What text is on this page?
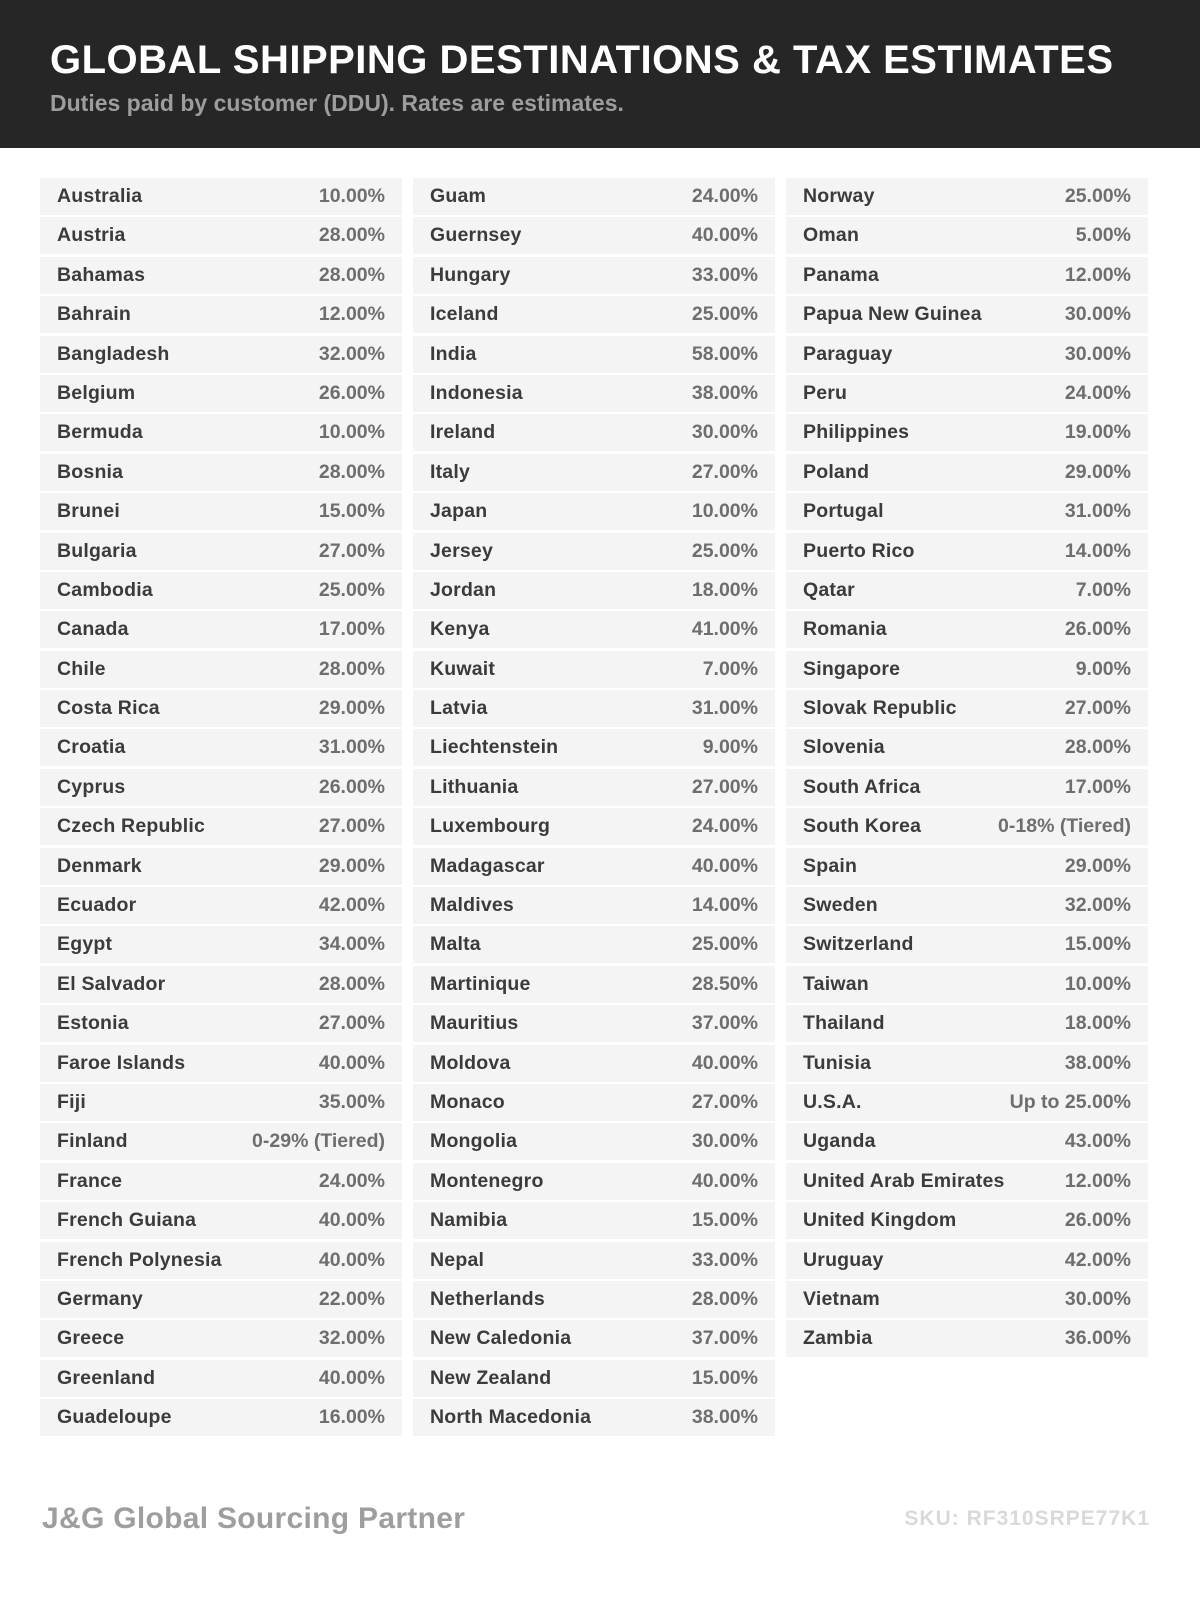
GLOBAL SHIPPING DESTINATIONS & TAX ESTIMATES

Duties paid by customer (DDU). Rates are estimates.

Australia	10.00%
Austria	28.00%
Bahamas	28.00%
Bahrain	12.00%
Bangladesh	32.00%
Belgium	26.00%
Bermuda	10.00%
Bosnia	28.00%
Brunei	15.00%
Bulgaria	27.00%
Cambodia	25.00%
Canada	17.00%
Chile	28.00%
Costa Rica	29.00%
Croatia	31.00%
Cyprus	26.00%
Czech Republic	27.00%
Denmark	29.00%
Ecuador	42.00%
Egypt	34.00%
El Salvador	28.00%
Estonia	27.00%
Faroe Islands	40.00%
Fiji	35.00%
Finland	0-29% (Tiered)
France	24.00%
French Guiana	40.00%
French Polynesia	40.00%
Germany	22.00%
Greece	32.00%
Greenland	40.00%
Guadeloupe	16.00%
Guam	24.00%
Guernsey	40.00%
Hungary	33.00%
Iceland	25.00%
India	58.00%
Indonesia	38.00%
Ireland	30.00%
Italy	27.00%
Japan	10.00%
Jersey	25.00%
Jordan	18.00%
Kenya	41.00%
Kuwait	7.00%
Latvia	31.00%
Liechtenstein	9.00%
Lithuania	27.00%
Luxembourg	24.00%
Madagascar	40.00%
Maldives	14.00%
Malta	25.00%
Martinique	28.50%
Mauritius	37.00%
Moldova	40.00%
Monaco	27.00%
Mongolia	30.00%
Montenegro	40.00%
Namibia	15.00%
Nepal	33.00%
Netherlands	28.00%
New Caledonia	37.00%
New Zealand	15.00%
North Macedonia	38.00%
Norway	25.00%
Oman	5.00%
Panama	12.00%
Papua New Guinea	30.00%
Paraguay	30.00%
Peru	24.00%
Philippines	19.00%
Poland	29.00%
Portugal	31.00%
Puerto Rico	14.00%
Qatar	7.00%
Romania	26.00%
Singapore	9.00%
Slovak Republic	27.00%
Slovenia	28.00%
South Africa	17.00%
South Korea	0-18% (Tiered)
Spain	29.00%
Sweden	32.00%
Switzerland	15.00%
Taiwan	10.00%
Thailand	18.00%
Tunisia	38.00%
U.S.A.	Up to 25.00%
Uganda	43.00%
United Arab Emirates	12.00%
United Kingdom	26.00%
Uruguay	42.00%
Vietnam	30.00%
Zambia	36.00%
J&G Global Sourcing Partner	SKU: RF310SRPE77K1
